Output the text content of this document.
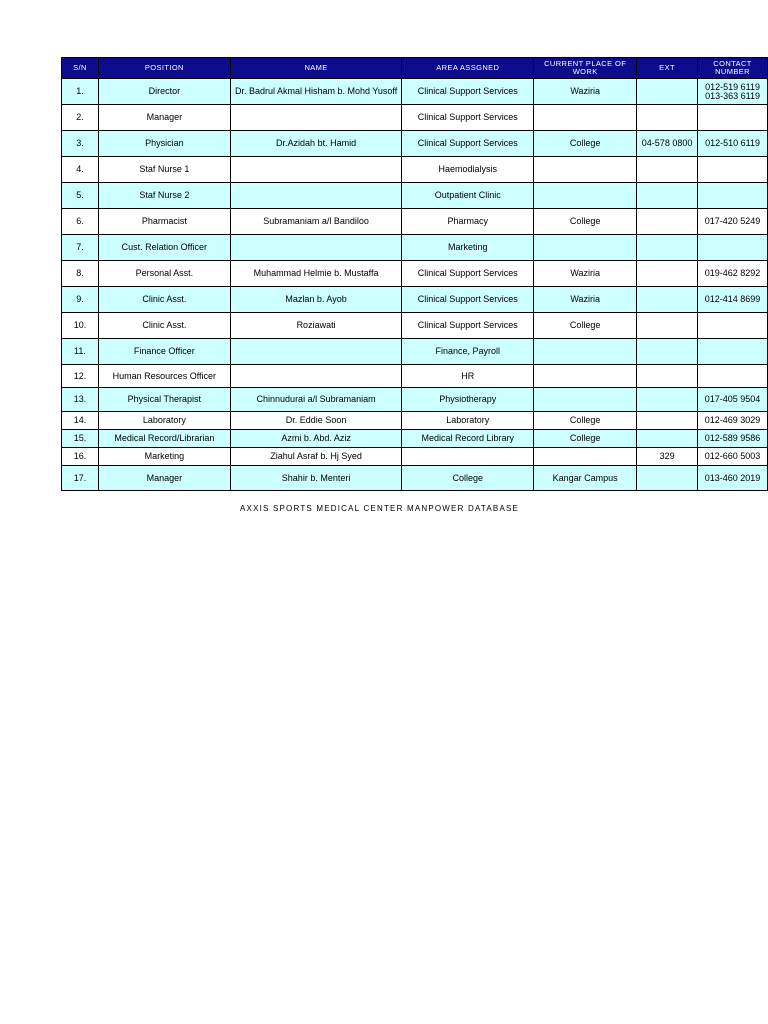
S/N	POSITION	NAME	AREA ASSGNED	CURRENT PLACE OF WORK	EXT	CONTACT NUMBER
1.	Director	Dr. Badrul Akmal Hisham b. Mohd Yusoff	Clinical Support Services	Waziria		012-519 6119
013-363 6119
2.	Manager		Clinical Support Services			
3.	Physician	Dr.Azidah bt. Hamid	Clinical Support Services	College	04-578 0800	012-510 6119
4.	Staf Nurse 1		Haemodialysis			
5.	Staf Nurse 2		Outpatient Clinic			
6.	Pharmacist	Subramaniam a/l Bandiloo	Pharmacy	College		017-420 5249
7.	Cust. Relation Officer		Marketing			
8.	Personal Asst.	Muhammad Helmie b. Mustaffa	Clinical Support Services	Waziria		019-462 8292
9.	Clinic Asst.	Mazlan b. Ayob	Clinical Support Services	Waziria		012-414 8699
10.	Clinic Asst.	Roziawati	Clinical Support Services	College		
11.	Finance Officer		Finance, Payroll			
12.	Human Resources Officer		HR			
13.	Physical Therapist	Chinnudurai a/l Subramaniam	Physiotherapy			017-405 9504
14.	Laboratory	Dr. Eddie Soon	Laboratory	College		012-469 3029
15.	Medical Record/Librarian	Azmi b. Abd. Aziz	Medical Record Library	College		012-589 9586
16.	Marketing	Ziahul Asraf b. Hj Syed			329	012-660 5003
17.	Manager	Shahir b. Menteri	College	Kangar Campus		013-460 2019
AXXIS SPORTS MEDICAL CENTER MANPOWER DATABASE
